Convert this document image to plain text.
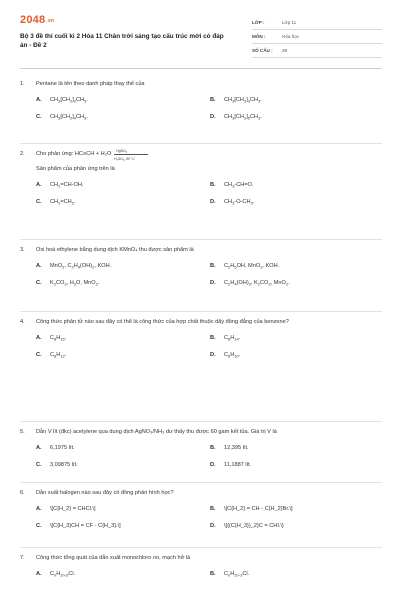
$2048^{.vn}$
Bộ 3 đề thi cuối kì 2 Hóa 11 Chân trời sáng tạo cấu trúc mới có đáp án - Đề 2
LỚP :	Lớp 11
MÔN :	Hóa học
SỐ CÂU :	28
1.	Pentane là tên theo danh pháp thay thế của
A.	$CH_3[CH_2]_2CH_3$.	B.	$CH_3[CH_2]_3CH_3$.
C.	$CH_3[CH_2]_4CH_3$.	D.	$CH_3[CH_2]_5CH_3$.
2.	Cho phản ứng: HC≡CH + H₂O HgSO₄
H₂SO₄, 80 °C
Sản phẩm của phản ứng trên là
A.	$CH_2=CH-OH$.	B.	$CH_3-CH=O$.
C.	$CH_2=CH_2$.	D.	$CH_3-O-CH_3$.
3.	Oxi hoá ethylene bằng dung dịch KMnO₄ thu được sản phẩm là
A.	MnO$_2$, $C_2H_4(OH)_2$, KOH.	B.	$C_2H_5OH$, MnO$_2$, KOH.
C.	$K_2CO_3$, $H_2O$, MnO$_2$.	D.	$C_2H_4(OH)_2$, $K_2CO_3$, MnO$_2$.
4.	Công thức phân tử nào sau đây có thể là công thức của hợp chất thuộc dãy đồng đẳng của benzene?
A.	$C_8H_{16}$.	B.	$C_8H_{14}$.
C.	$C_8H_{12}$.	D.	$C_8H_{10}$.
5.	Dẫn V lít (đkc) acetylene qua dung dịch AgNO₃/NH₃ dư thấy thu được 60 gam kết tủa. Giá trị V là
A.	6,1975 lít.	B.	12,395 lít.
C.	3,09875 lít.	D.	11,1887 lít.
6.	Dẫn xuất halogen nào sau đây có đồng phân hình học?
A.	\[C{H_2} = CHCl.\]	B.	\[C{H_2} = CH - C{H_2}Br.\]
C.	\[C{H_3}CH = CF - C{H_3}.\]	D.	\[{(C{H_3})_2}C = CHI.\]
7.	Công thức tổng quát của dẫn xuất monochloro no, mạch hở là
A.	$C_nH_{2n-5}Cl$.	B.	$C_nH_{2n-3}Cl$.
